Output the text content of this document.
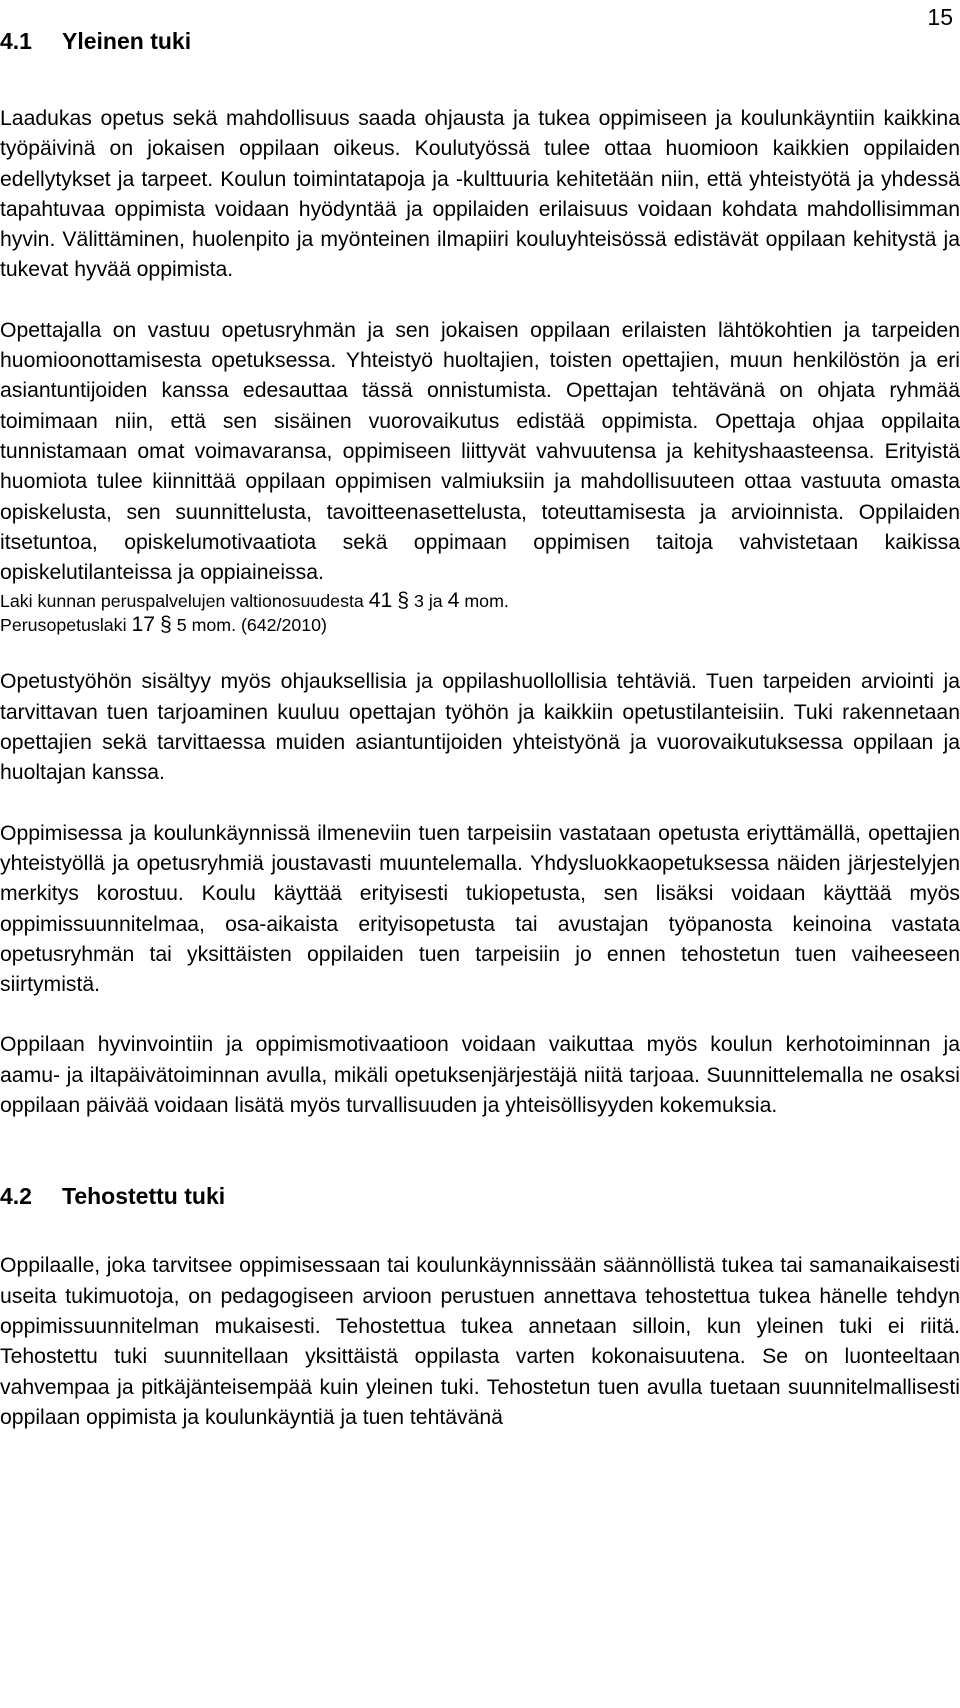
15
4.1 Yleinen tuki

Laadukas opetus sekä mahdollisuus saada ohjausta ja tukea oppimiseen ja koulunkäyntiin kaikkina työpäivinä on jokaisen oppilaan oikeus. Koulutyössä tulee ottaa huomioon kaikkien oppilaiden edellytykset ja tarpeet. Koulun toimintatapoja ja -kulttuuria kehitetään niin, että yhteistyötä ja yhdessä tapahtuvaa oppimista voidaan hyödyntää ja oppilaiden erilaisuus voidaan kohdata mahdollisimman hyvin. Välittäminen, huolenpito ja myönteinen ilmapiiri kouluyhteisössä edistävät oppilaan kehitystä ja tukevat hyvää oppimista.

Opettajalla on vastuu opetusryhmän ja sen jokaisen oppilaan erilaisten lähtökohtien ja tarpeiden huomioonottamisesta opetuksessa. Yhteistyö huoltajien, toisten opettajien, muun henkilöstön ja eri asiantuntijoiden kanssa edesauttaa tässä onnistumista. Opettajan tehtävänä on ohjata ryhmää toimimaan niin, että sen sisäinen vuorovaikutus edistää oppimista. Opettaja ohjaa oppilaita tunnistamaan omat voimavaransa, oppimiseen liittyvät vahvuutensa ja kehityshaasteensa. Erityistä huomiota tulee kiinnittää oppilaan oppimisen valmiuksiin ja mahdollisuuteen ottaa vastuuta omasta opiskelusta, sen suunnittelusta, tavoitteenasettelusta, toteuttamisesta ja arvioinnista. Oppilaiden itsetuntoa, opiskelumotivaatiota sekä oppimaan oppimisen taitoja vahvistetaan kaikissa opiskelutilanteissa ja oppiaineissa.

Laki kunnan peruspalvelujen valtionosuudesta 41 § 3 ja 4 mom.
Perusopetuslaki 17 § 5 mom. (642/2010)

Opetustyöhön sisältyy myös ohjauksellisia ja oppilashuollollisia tehtäviä. Tuen tarpeiden arviointi ja tarvittavan tuen tarjoaminen kuuluu opettajan työhön ja kaikkiin opetustilanteisiin. Tuki rakennetaan opettajien sekä tarvittaessa muiden asiantuntijoiden yhteistyönä ja vuorovaikutuksessa oppilaan ja huoltajan kanssa.

Oppimisessa ja koulunkäynnissä ilmeneviin tuen tarpeisiin vastataan opetusta eriyttämällä, opettajien yhteistyöllä ja opetusryhmiä joustavasti muuntelemalla. Yhdysluokkaopetuksessa näiden järjestelyjen merkitys korostuu. Koulu käyttää erityisesti tukiopetusta, sen lisäksi voidaan käyttää myös oppimissuunnitelmaa, osa-aikaista erityisopetusta tai avustajan työpanosta keinoina vastata opetusryhmän tai yksittäisten oppilaiden tuen tarpeisiin jo ennen tehostetun tuen vaiheeseen siirtymistä.

Oppilaan hyvinvointiin ja oppimismotivaatioon voidaan vaikuttaa myös koulun kerhotoiminnan ja aamu- ja iltapäivätoiminnan avulla, mikäli opetuksenjärjestäjä niitä tarjoaa. Suunnittelemalla ne osaksi oppilaan päivää voidaan lisätä myös turvallisuuden ja yhteisöllisyyden kokemuksia.

4.2 Tehostettu tuki

Oppilaalle, joka tarvitsee oppimisessaan tai koulunkäynnissään säännöllistä tukea tai samanaikaisesti useita tukimuotoja, on pedagogiseen arvioon perustuen annettava tehostettua tukea hänelle tehdyn oppimissuunnitelman mukaisesti. Tehostettua tukea annetaan silloin, kun yleinen tuki ei riitä. Tehostettu tuki suunnitellaan yksittäistä oppilasta varten kokonaisuutena. Se on luonteeltaan vahvempaa ja pitkäjänteisempää kuin yleinen tuki. Tehostetun tuen avulla tuetaan suunnitelmallisesti oppilaan oppimista ja koulunkäyntiä ja tuen tehtävänä
